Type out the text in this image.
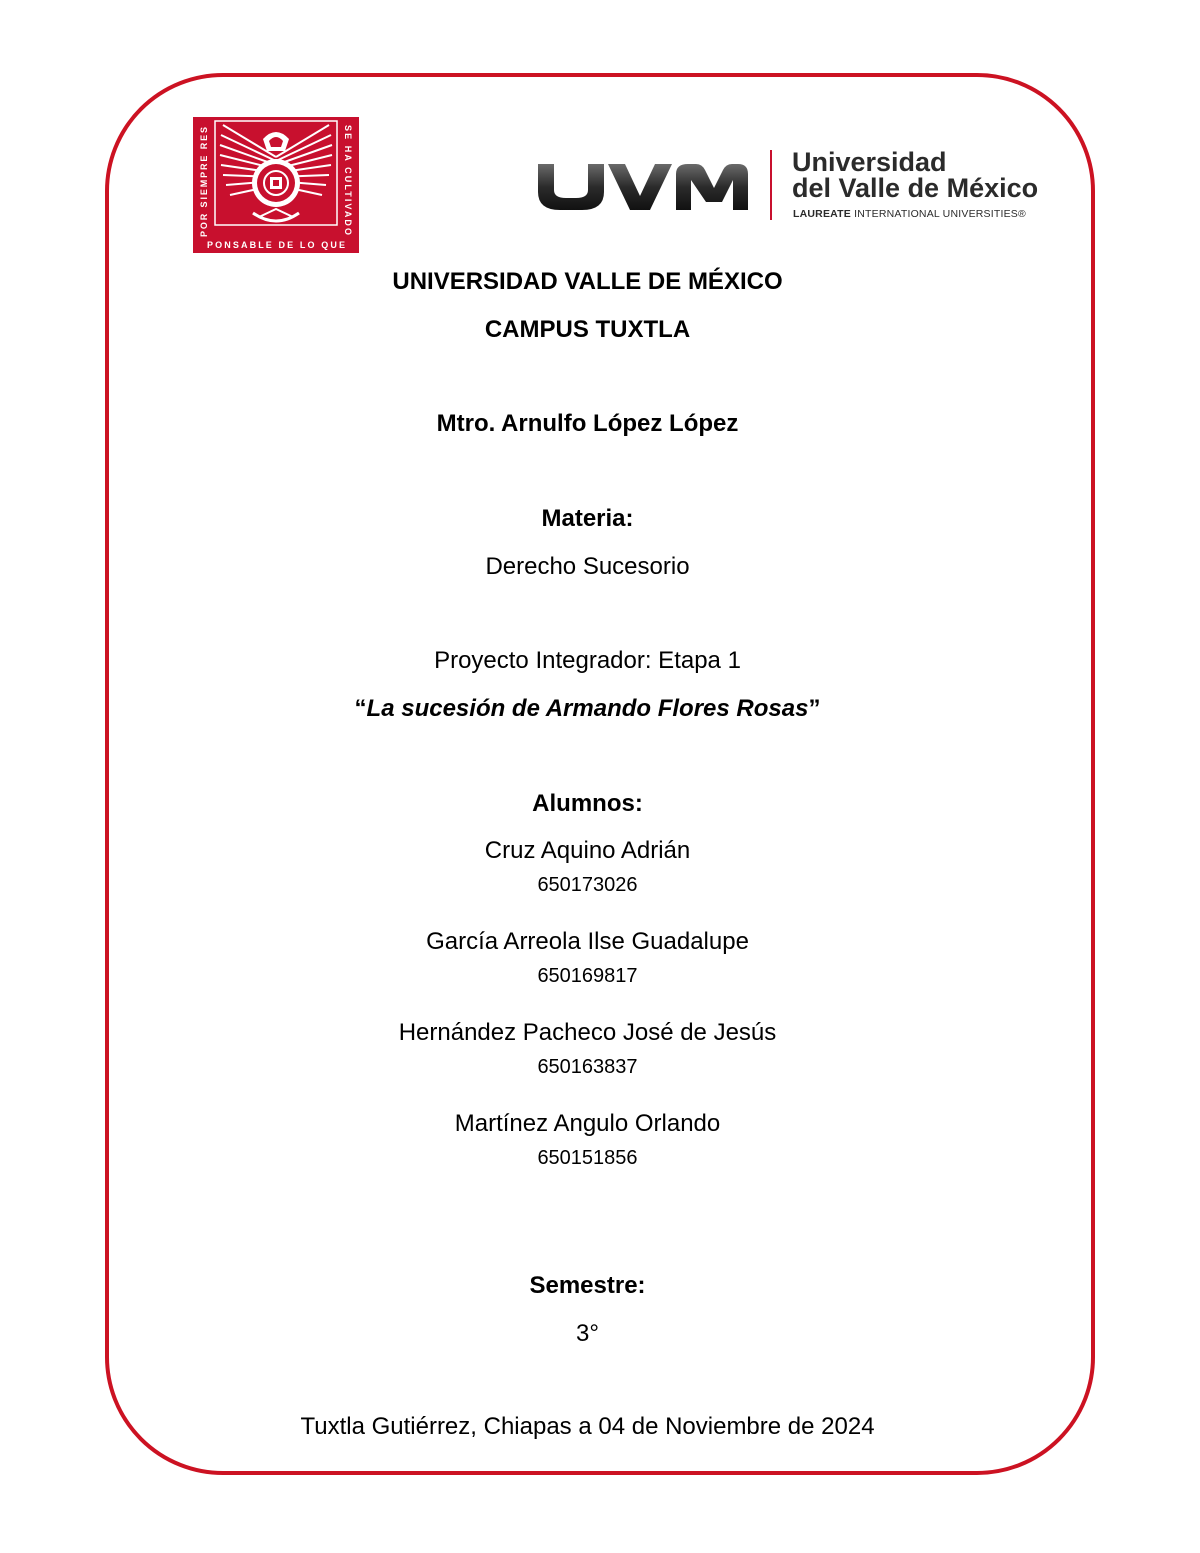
POR SIEMPRE RES
PONSABLE DE LO QUE
SE HA CULTIVADO
Universidad
del Valle de México
LAUREATE INTERNATIONAL UNIVERSITIES®
UNIVERSIDAD VALLE DE MÉXICO
CAMPUS TUXTLA
Mtro. Arnulfo López López
Materia:
Derecho Sucesorio
Proyecto Integrador: Etapa 1
“La sucesión de Armando Flores Rosas”
Alumnos:
Cruz Aquino Adrián
650173026
García Arreola Ilse Guadalupe
650169817
Hernández Pacheco José de Jesús
650163837
Martínez Angulo Orlando
650151856
Semestre:
3°
Tuxtla Gutiérrez, Chiapas a 04 de Noviembre de 2024
